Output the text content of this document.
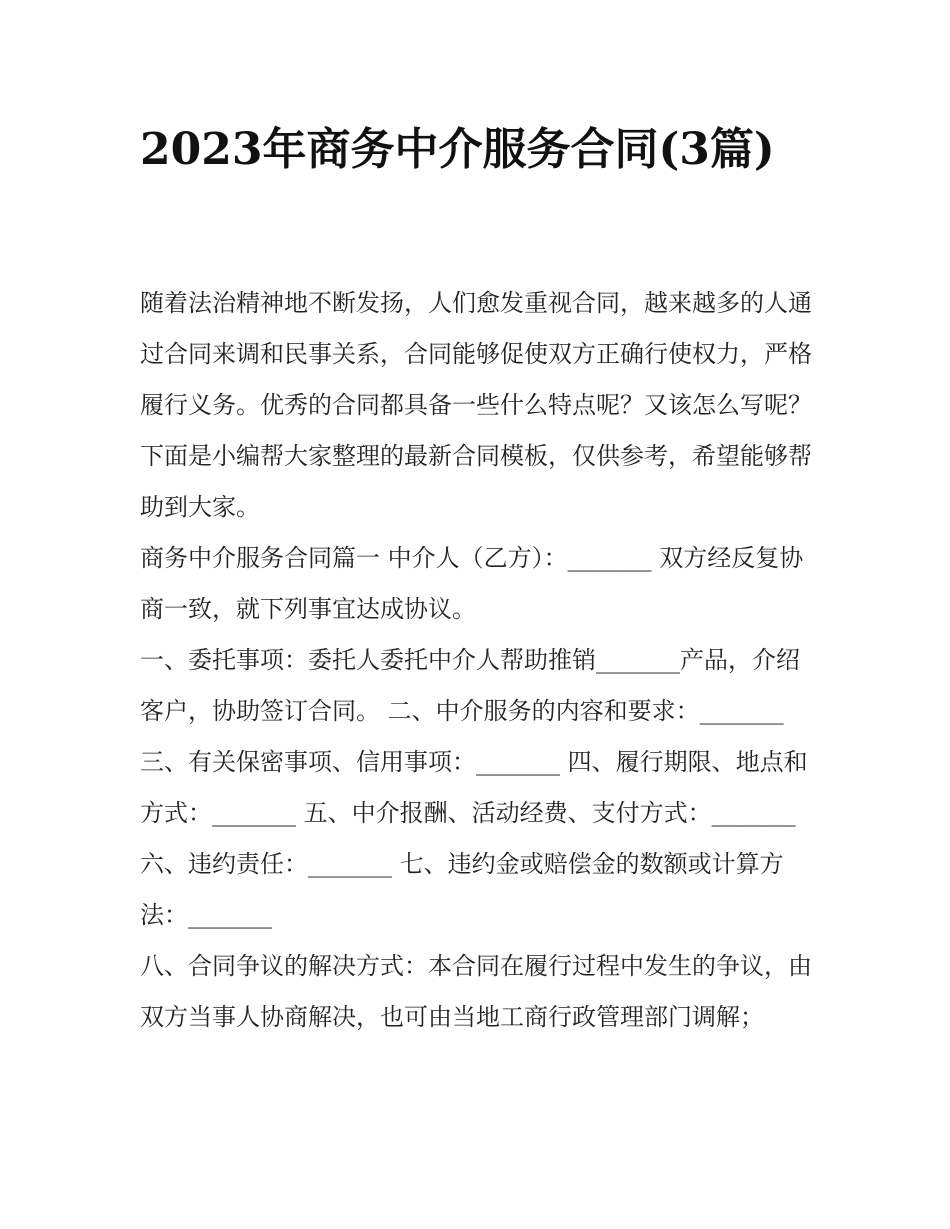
2023年商务中介服务合同(3篇)

随着法治精神地不断发扬，人们愈发重视合同，越来越多的人通过合同来调和民事关系，合同能够促使双方正确行使权力，严格履行义务。优秀的合同都具备一些什么特点呢？又该怎么写呢？下面是小编帮大家整理的最新合同模板，仅供参考，希望能够帮助到大家。

商务中介服务合同篇一 中介人（乙方）：_______ 双方经反复协商一致，就下列事宜达成协议。

一、委托事项：委托人委托中介人帮助推销_______产品，介绍客户，协助签订合同。 二、中介服务的内容和要求：_______

三、有关保密事项、信用事项：_______ 四、履行期限、地点和方式：_______ 五、中介报酬、活动经费、支付方式：_______

六、违约责任：_______ 七、违约金或赔偿金的数额或计算方法：_______

八、合同争议的解决方式：本合同在履行过程中发生的争议，由双方当事人协商解决，也可由当地工商行政管理部门调解；
